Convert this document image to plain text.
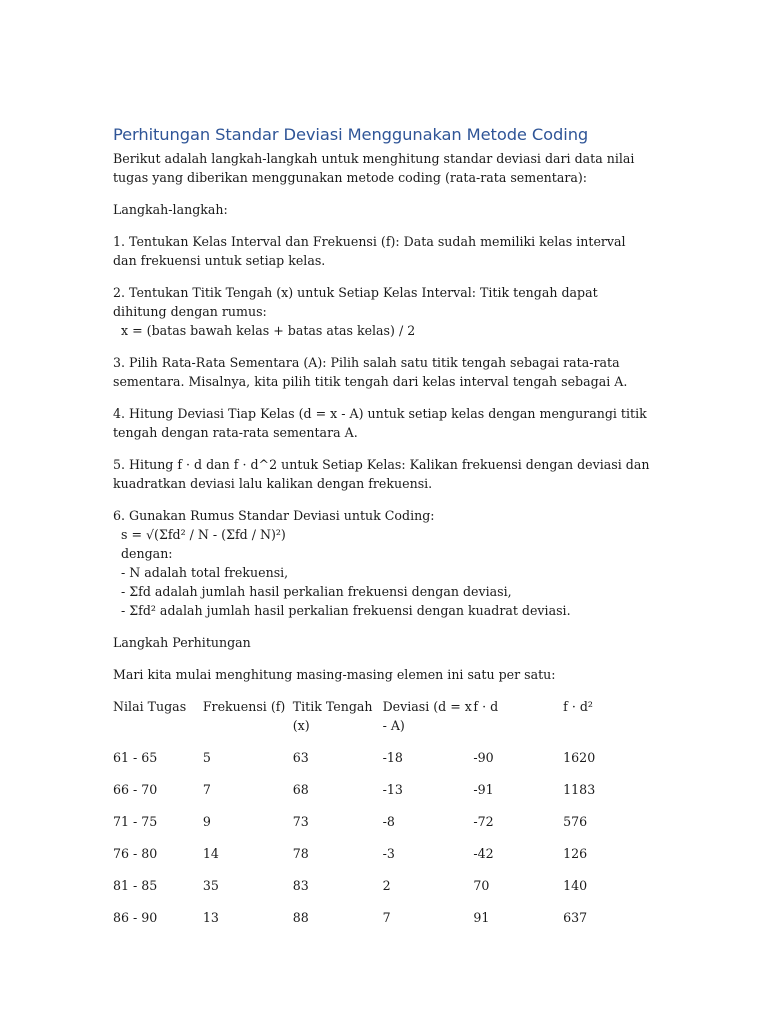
Perhitungan Standar Deviasi Menggunakan Metode Coding

Berikut adalah langkah-langkah untuk menghitung standar deviasi dari data nilai tugas yang diberikan menggunakan metode coding (rata-rata sementara):

Langkah-langkah:

1. Tentukan Kelas Interval dan Frekuensi (f): Data sudah memiliki kelas interval dan frekuensi untuk setiap kelas.

2. Tentukan Titik Tengah (x) untuk Setiap Kelas Interval: Titik tengah dapat dihitung dengan rumus:
x = (batas bawah kelas + batas atas kelas) / 2

3. Pilih Rata-Rata Sementara (A): Pilih salah satu titik tengah sebagai rata-rata sementara. Misalnya, kita pilih titik tengah dari kelas interval tengah sebagai A.

4. Hitung Deviasi Tiap Kelas (d = x - A) untuk setiap kelas dengan mengurangi titik tengah dengan rata-rata sementara A.

5. Hitung f · d dan f · d^2 untuk Setiap Kelas: Kalikan frekuensi dengan deviasi dan kuadratkan deviasi lalu kalikan dengan frekuensi.

6. Gunakan Rumus Standar Deviasi untuk Coding:
s = √(Σfd² / N - (Σfd / N)²)
dengan:
- N adalah total frekuensi,
- Σfd adalah jumlah hasil perkalian frekuensi dengan deviasi,
- Σfd² adalah jumlah hasil perkalian frekuensi dengan kuadrat deviasi.

Langkah Perhitungan

Mari kita mulai menghitung masing-masing elemen ini satu per satu:

Nilai Tugas	Frekuensi (f)	Titik Tengah (x)	Deviasi (d = x - A)	f · d	f · d²
61 - 65	5	63	-18	-90	1620
66 - 70	7	68	-13	-91	1183
71 - 75	9	73	-8	-72	576
76 - 80	14	78	-3	-42	126
81 - 85	35	83	2	70	140
86 - 90	13	88	7	91	637
